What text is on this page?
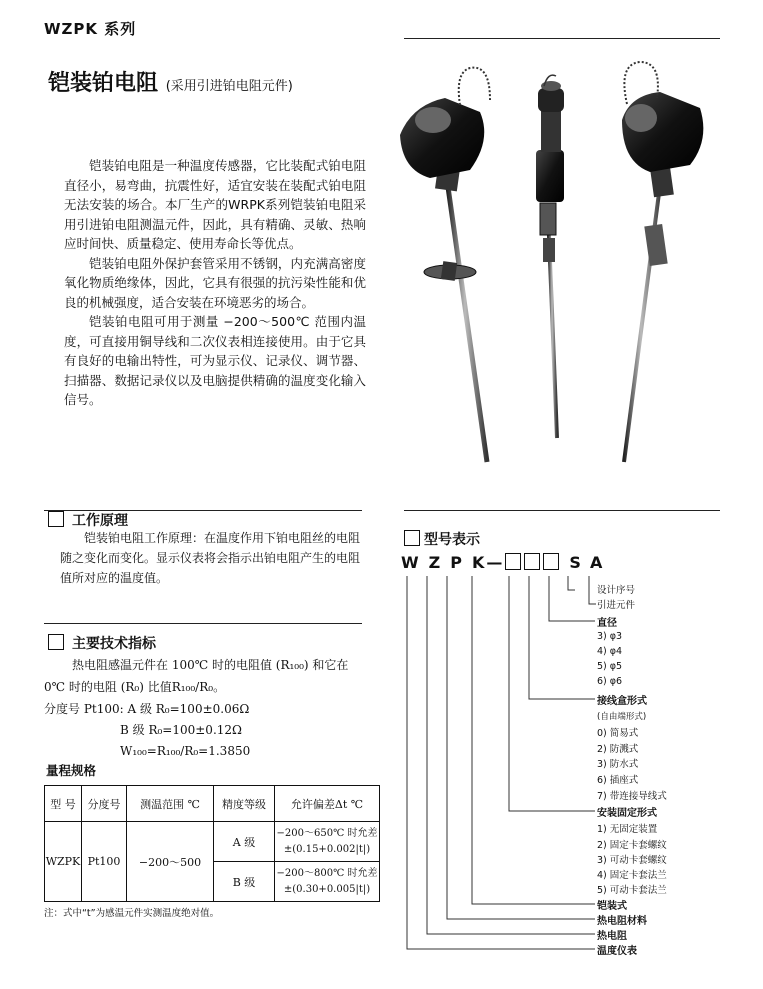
WZPK 系列
铠装铂电阻 (采用引进铂电阻元件)

铠装铂电阻是一种温度传感器，它比装配式铂电阻直径小，易弯曲，抗震性好，适宜安装在装配式铂电阻无法安装的场合。本厂生产的WRPK系列铠装铂电阻采用引进铂电阻测温元件，因此，具有精确、灵敏、热响应时间快、质量稳定、使用寿命长等优点。

铠装铂电阻外保护套管采用不锈钢，内充满高密度氧化物质绝缘体，因此，它具有很强的抗污染性能和优良的机械强度，适合安装在环境恶劣的场合。

铠装铂电阻可用于测量 −200～500℃ 范围内温度，可直接用铜导线和二次仪表相连接使用。由于它具有良好的电输出特性，可为显示仪、记录仪、调节器、扫描器、数据记录仪以及电脑提供精确的温度变化输入信号。

工作原理
铠装铂电阻工作原理：在温度作用下铂电阻丝的电阻随之变化而变化。显示仪表将会指示出铂电阻产生的电阻值所对应的温度值。
主要技术指标
热电阻感温元件在 100℃ 时的电阻值 (R₁₀₀) 和它在
0℃ 时的电阻 (R₀) 比值R₁₀₀/R₀。
分度号 Pt100: A 级 R₀=100±0.06Ω
B 级 R₀=100±0.12Ω
W₁₀₀=R₁₀₀/R₀=1.3850
量程规格
型 号	分度号	测温范围 ℃	精度等级	允许偏差Δt ℃
WZPK	Pt100	−200～500	A 级	−200～650℃ 时允差
±(0.15+0.002|t|)

			B 级	−200～800℃ 时允差
±(0.30+0.005|t|)
注：式中“t”为感温元件实测温度绝对值。
型号表示
W Z P K—	S A
设计序号
引进元件
直径
3) φ3
4) φ4
5) φ5
6) φ6
接线盒形式
(自由端形式)
0) 简易式
2) 防溅式
3) 防水式
6) 插座式
7) 带连接导线式
安装固定形式
1) 无固定装置
2) 固定卡套螺纹
3) 可动卡套螺纹
4) 固定卡套法兰
5) 可动卡套法兰
铠装式
热电阻材料
热电阻
温度仪表
